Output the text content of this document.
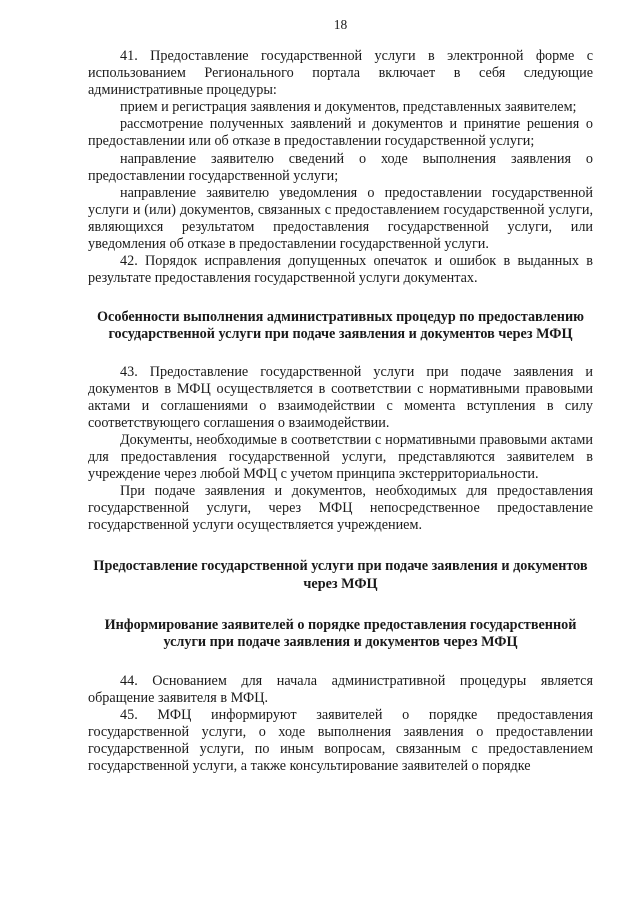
18

41. Предоставление государственной услуги в электронной форме с использованием Регионального портала включает в себя следующие административные процедуры:

прием и регистрация заявления и документов, представленных заявителем;

рассмотрение полученных заявлений и документов и принятие решения о предоставлении или об отказе в предоставлении государственной услуги;

направление заявителю сведений о ходе выполнения заявления о предоставлении государственной услуги;

направление заявителю уведомления о предоставлении государственной услуги и (или) документов, связанных с предоставлением государственной услуги, являющихся результатом предоставления государственной услуги, или уведомления об отказе в предоставлении государственной услуги.

42. Порядок исправления допущенных опечаток и ошибок в выданных в результате предоставления государственной услуги документах.

Особенности выполнения административных процедур по предоставлению государственной услуги при подаче заявления и документов через МФЦ

43. Предоставление государственной услуги при подаче заявления и документов в МФЦ осуществляется в соответствии с нормативными правовыми актами и соглашениями о взаимодействии с момента вступления в силу соответствующего соглашения о взаимодействии.

Документы, необходимые в соответствии с нормативными правовыми актами для предоставления государственной услуги, представляются заявителем в учреждение через любой МФЦ с учетом принципа экстерриториальности.

При подаче заявления и документов, необходимых для предоставления государственной услуги, через МФЦ непосредственное предоставление государственной услуги осуществляется учреждением.

Предоставление государственной услуги при подаче заявления и документов через МФЦ
Информирование заявителей о порядке предоставления государственной услуги при подаче заявления и документов через МФЦ

44. Основанием для начала административной процедуры является обращение заявителя в МФЦ.

45. МФЦ информируют заявителей о порядке предоставления государственной услуги, о ходе выполнения заявления о предоставлении государственной услуги, по иным вопросам, связанным с предоставлением государственной услуги, а также консультирование заявителей о порядке
